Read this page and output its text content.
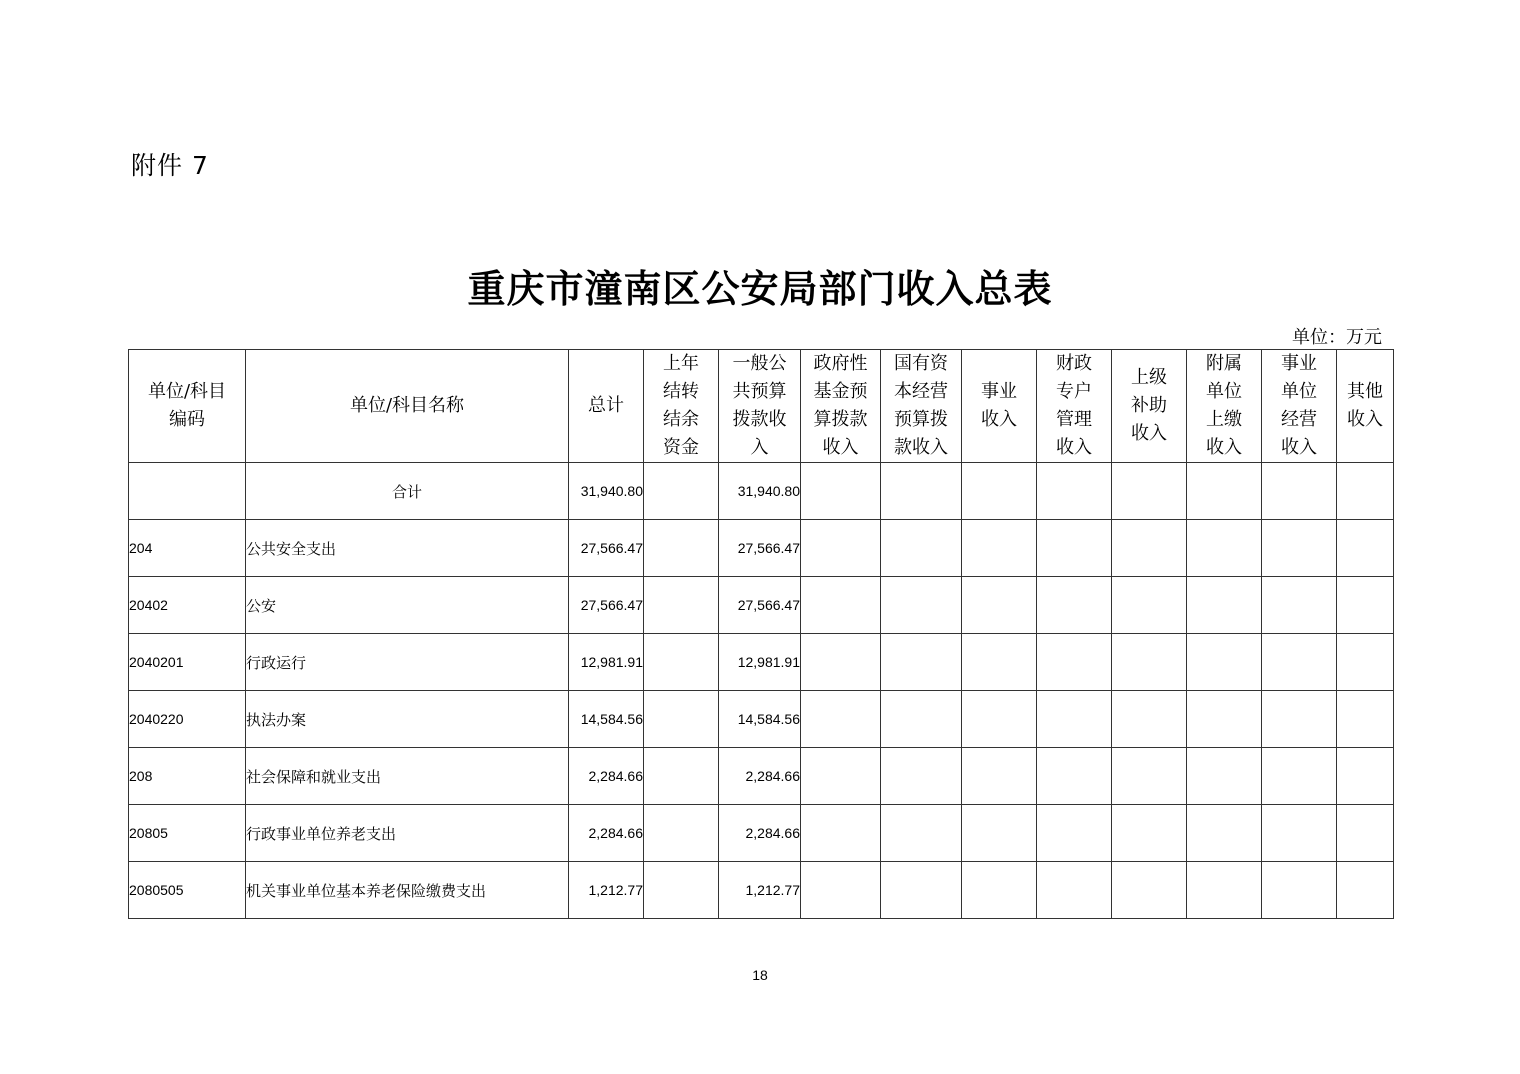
附件 7
重庆市潼南区公安局部门收入总表
单位：万元
单位/科目编码	单位/科目名称	总计	上年结转结余资金	一般公共预算拨款收入	政府性基金预算拨款收入	国有资本经营预算拨款收入	事业收入	财政专户管理收入	上级补助收入	附属单位上缴收入	事业单位经营收入	其他收入
	合计	31,940.80		31,940.80								
204	公共安全支出	27,566.47		27,566.47								
20402	公安	27,566.47		27,566.47								
2040201	行政运行	12,981.91		12,981.91								
2040220	执法办案	14,584.56		14,584.56								
208	社会保障和就业支出	2,284.66		2,284.66								
20805	行政事业单位养老支出	2,284.66		2,284.66								
2080505	机关事业单位基本养老保险缴费支出	1,212.77		1,212.77								
18
